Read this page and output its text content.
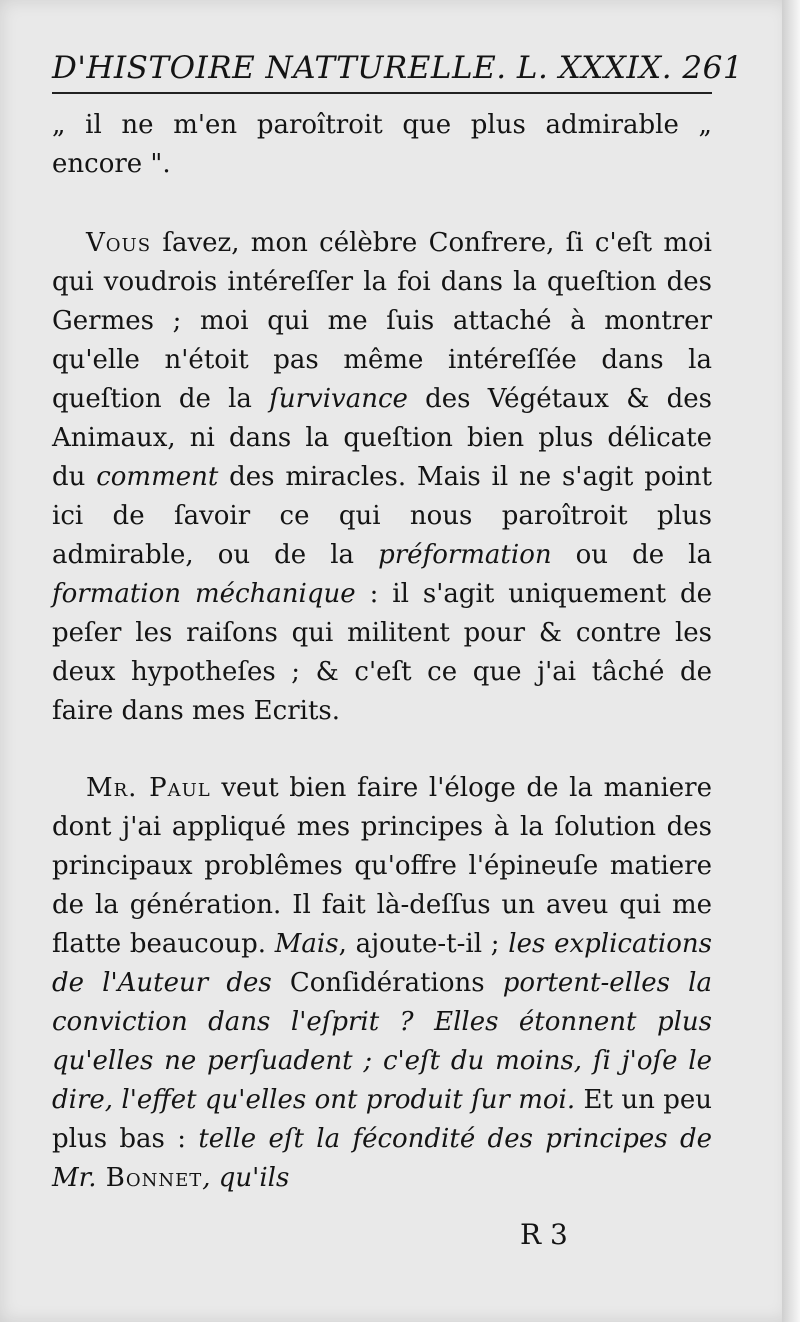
D'HISTOIRE NATTURELLE. L. XXXIX. 261

„ il ne m'en paroîtroit que plus admirable „ encore ".

Vous ſavez, mon célèbre Confrere, ſi c'eſt moi qui voudrois intéreſſer la foi dans la queſtion des Germes ; moi qui me ſuis attaché à montrer qu'elle n'étoit pas même intéreſſée dans la queſtion de la ſurvivance des Végétaux & des Animaux, ni dans la queſtion bien plus délicate du comment des miracles. Mais il ne s'agit point ici de ſavoir ce qui nous paroîtroit plus admirable, ou de la préformation ou de la formation méchanique : il s'agit uniquement de peſer les raiſons qui militent pour & contre les deux hypotheſes ; & c'eſt ce que j'ai tâché de faire dans mes Ecrits.

Mr. Paul veut bien faire l'éloge de la maniere dont j'ai appliqué mes principes à la ſolution des principaux problêmes qu'offre l'épineuſe matiere de la génération. Il fait là-deſſus un aveu qui me flatte beaucoup. Mais, ajoute-t-il ; les explications de l'Auteur des Conſidérations portent-elles la conviction dans l'eſprit ? Elles étonnent plus qu'elles ne perſuadent ; c'eſt du moins, ſi j'oſe le dire, l'effet qu'elles ont produit ſur moi. Et un peu plus bas : telle eſt la fécondité des principes de Mr. Bonnet, qu'ils

R 3
